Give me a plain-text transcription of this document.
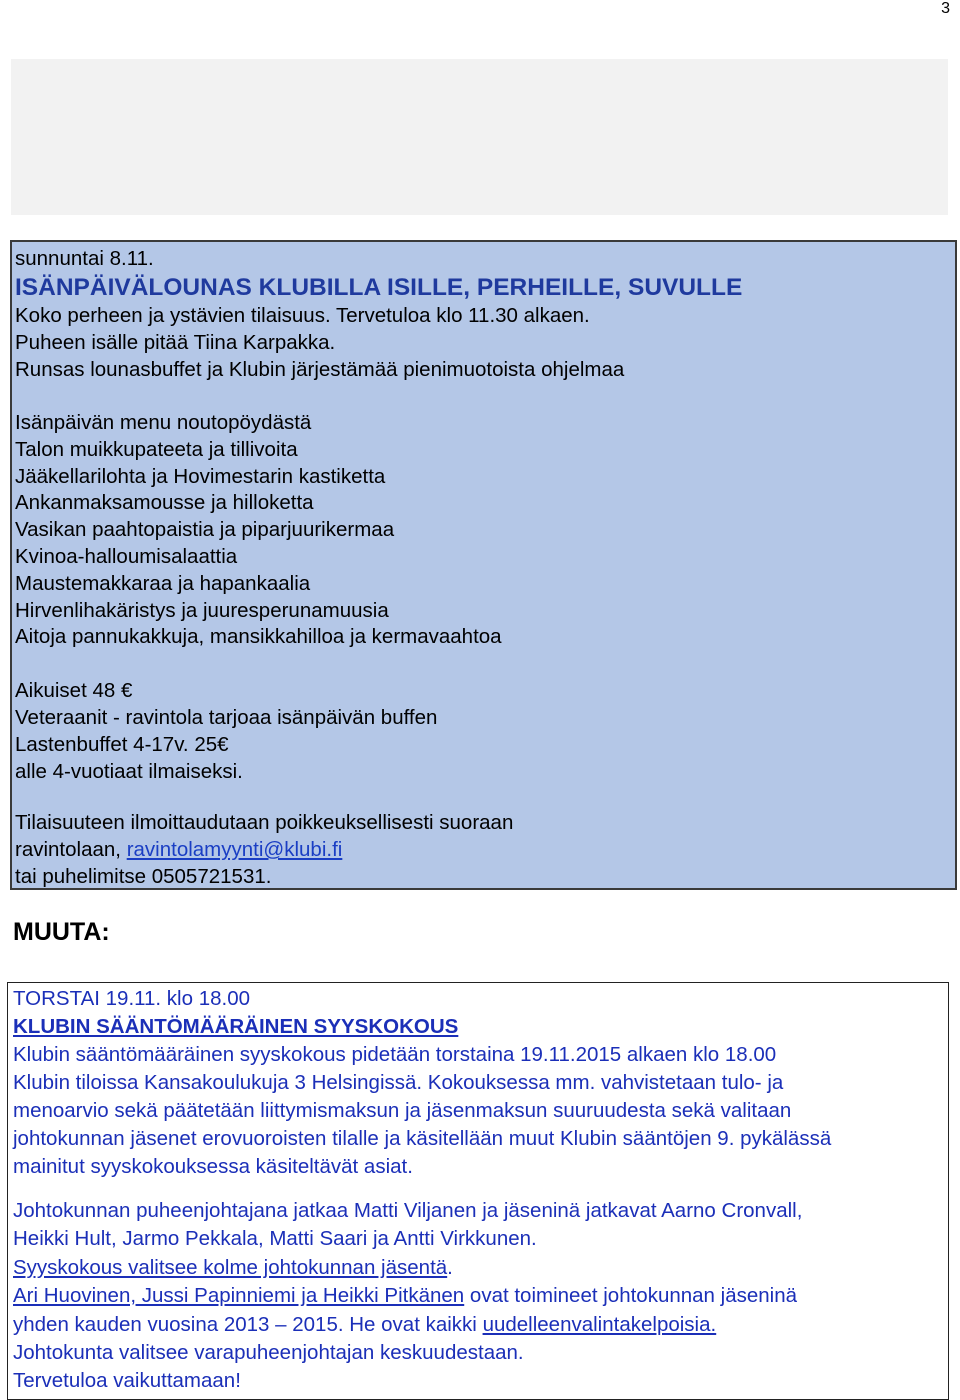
3
sunnuntai 8.11.
ISÄNPÄIVÄLOUNAS KLUBILLA ISILLE, PERHEILLE, SUVULLE
Koko perheen ja ystävien tilaisuus. Tervetuloa klo 11.30 alkaen.
Puheen isälle pitää Tiina Karpakka.
Runsas lounasbuffet ja Klubin järjestämää pienimuotoista ohjelmaa
Isänpäivän menu noutopöydästä
Talon muikkupateeta ja tillivoita
Jääkellarilohta ja Hovimestarin kastiketta
Ankanmaksamousse ja hilloketta
Vasikan paahtopaistia ja piparjuurikermaa
Kvinoa-halloumisalaattia
Maustemakkaraa ja hapankaalia
Hirvenlihakäristys ja juuresperunamuusia
Aitoja pannukakkuja, mansikkahilloa ja kermavaahtoa
Aikuiset 48 €
Veteraanit - ravintola tarjoaa isänpäivän buffen
Lastenbuffet 4-17v. 25€
alle 4-vuotiaat ilmaiseksi.
Tilaisuuteen ilmoittaudutaan poikkeuksellisesti suoraan
ravintolaan, ravintolamyynti@klubi.fi
tai puhelimitse 0505721531.
MUUTA:
TORSTAI 19.11. klo 18.00
KLUBIN SÄÄNTÖMÄÄRÄINEN SYYSKOKOUS
Klubin sääntömääräinen syyskokous pidetään torstaina 19.11.2015 alkaen klo 18.00
Klubin tiloissa Kansakoulukuja 3 Helsingissä. Kokouksessa mm. vahvistetaan tulo- ja
menoarvio sekä päätetään liittymismaksun ja jäsenmaksun suuruudesta sekä valitaan
johtokunnan jäsenet erovuoroisten tilalle ja käsitellään muut Klubin sääntöjen 9. pykälässä
mainitut syyskokouksessa käsiteltävät asiat.
Johtokunnan puheenjohtajana jatkaa Matti Viljanen ja jäseninä jatkavat Aarno Cronvall,
Heikki Hult, Jarmo Pekkala, Matti Saari ja Antti Virkkunen.
Syyskokous valitsee kolme johtokunnan jäsentä.
Ari Huovinen, Jussi Papinniemi ja Heikki Pitkänen ovat toimineet johtokunnan jäseninä
yhden kauden vuosina 2013 – 2015. He ovat kaikki uudelleenvalintakelpoisia.
Johtokunta valitsee varapuheenjohtajan keskuudestaan.
Tervetuloa vaikuttamaan!
